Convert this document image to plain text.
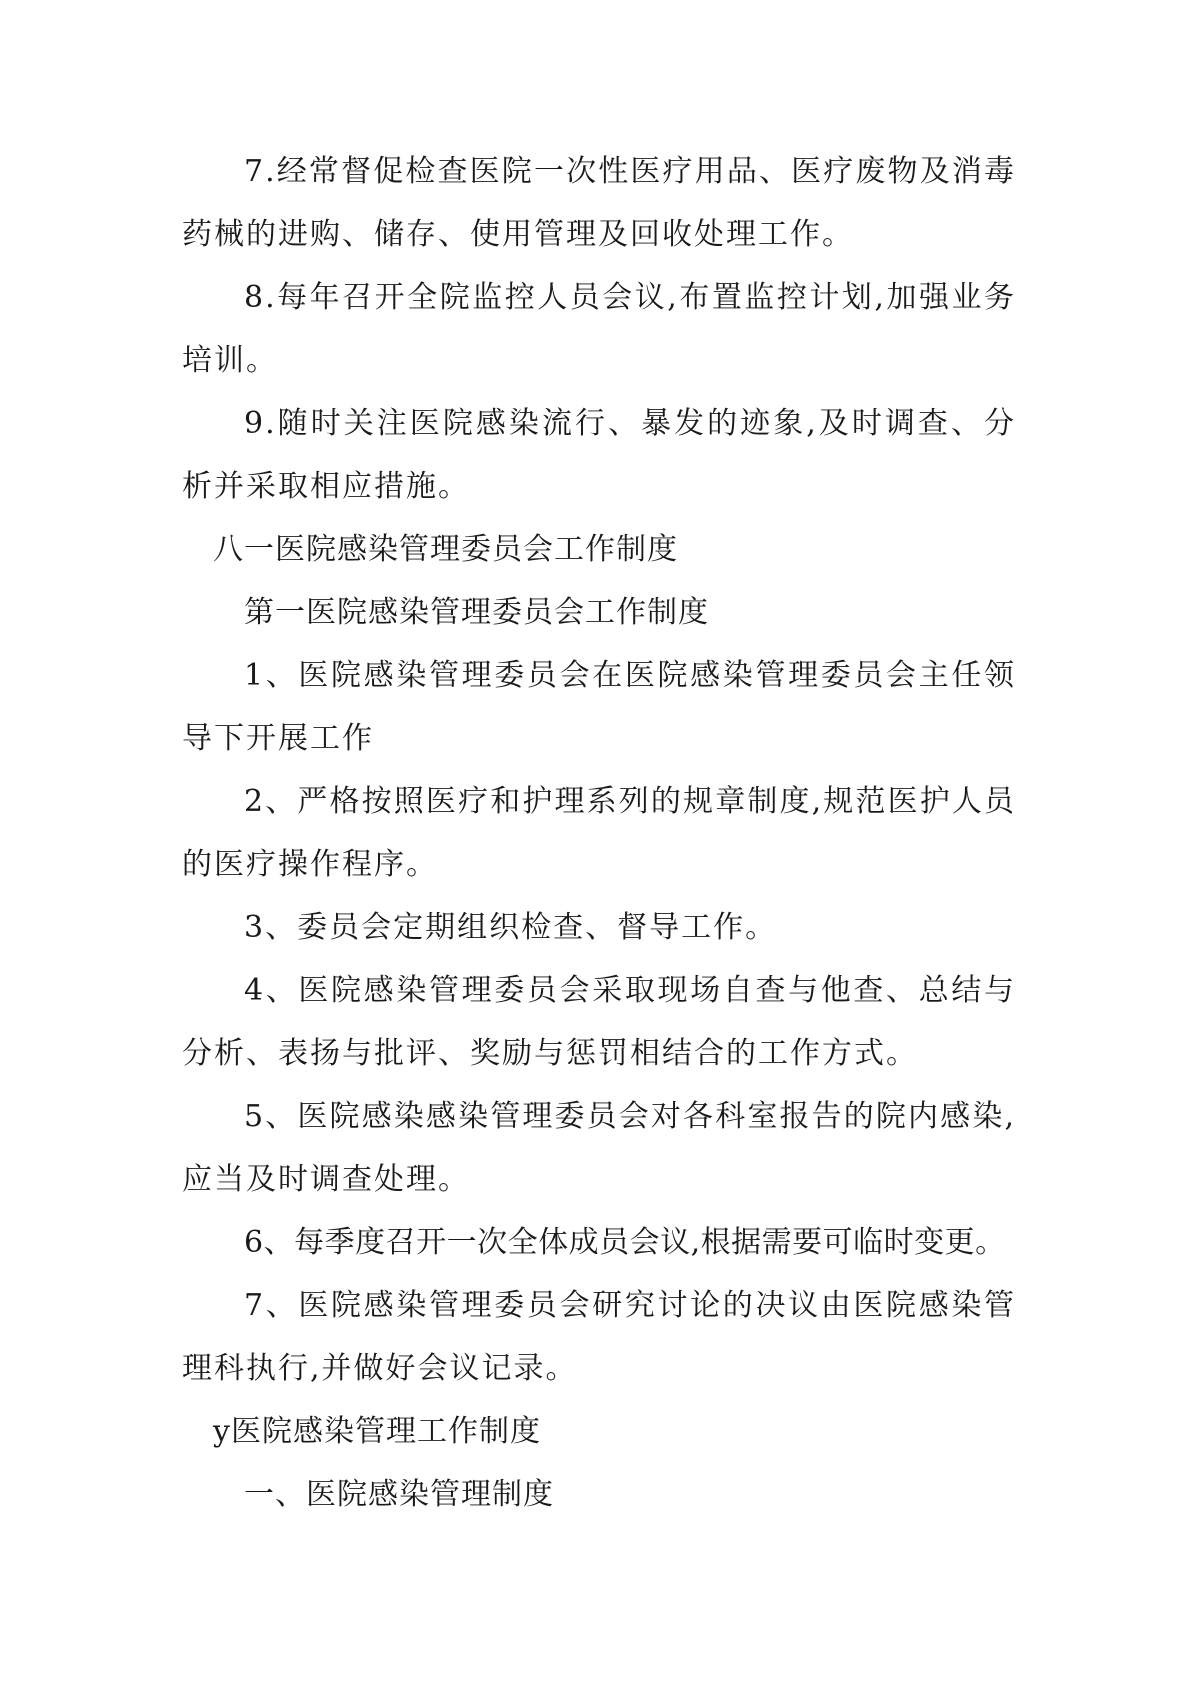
7.经常督促检查医院一次性医疗用品、医疗废物及消毒药械的进购、储存、使用管理及回收处理工作。

8.每年召开全院监控人员会议,布置监控计划,加强业务培训。

9.随时关注医院感染流行、暴发的迹象,及时调查、分析并采取相应措施。

八一医院感染管理委员会工作制度

第一医院感染管理委员会工作制度

1、医院感染管理委员会在医院感染管理委员会主任领导下开展工作

2、严格按照医疗和护理系列的规章制度,规范医护人员的医疗操作程序。

3、委员会定期组织检查、督导工作。

4、医院感染管理委员会采取现场自查与他查、总结与分析、表扬与批评、奖励与惩罚相结合的工作方式。

5、医院感染感染管理委员会对各科室报告的院内感染,应当及时调查处理。

6、每季度召开一次全体成员会议,根据需要可临时变更。

7、医院感染管理委员会研究讨论的决议由医院感染管理科执行,并做好会议记录。

y医院感染管理工作制度

一、医院感染管理制度
